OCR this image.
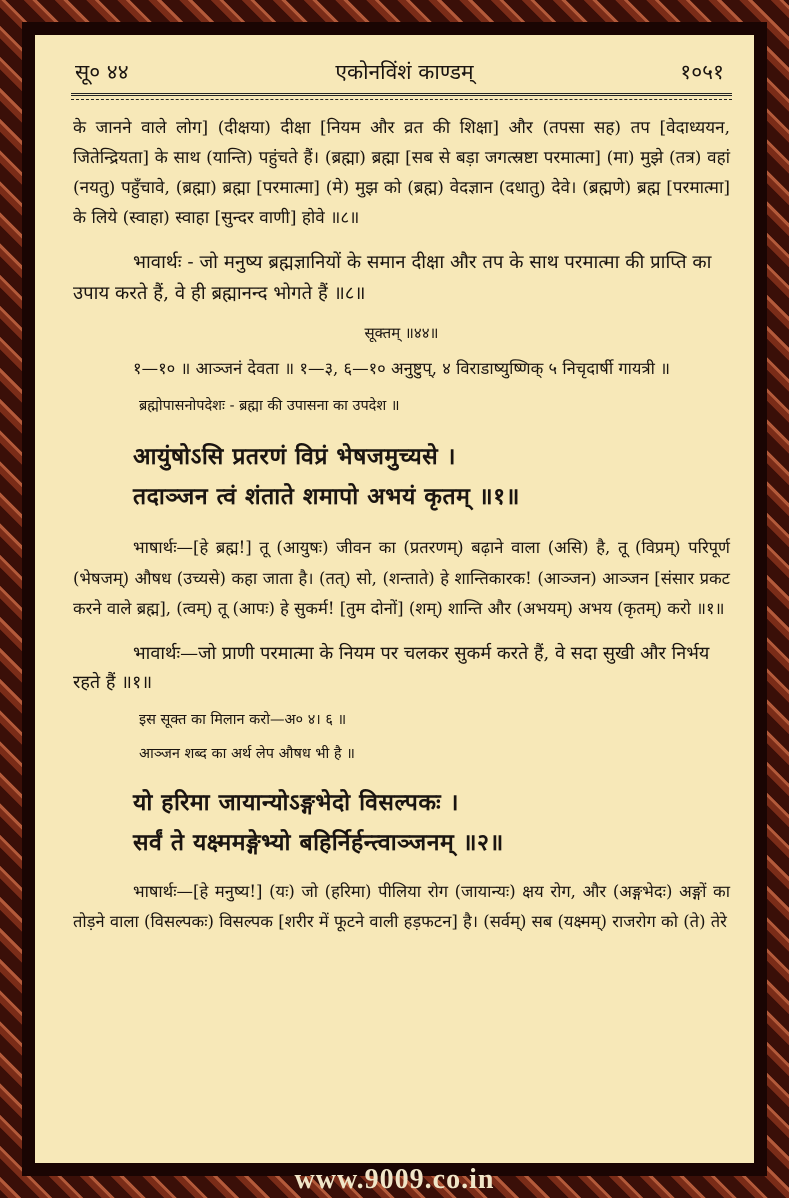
सू० ४४	एकोनविंशं काण्डम्	१०५१

के जानने वाले लोग] (दीक्षया) दीक्षा [नियम और व्रत की शिक्षा] और (तपसा सह) तप [वेदाध्ययन, जितेन्द्रियता] के साथ (यान्ति) पहुंचते हैं। (ब्रह्मा) ब्रह्मा [सब से बड़ा जगत्स्रष्टा परमात्मा] (मा) मुझे (तत्र) वहां (नयतु) पहुँचावे, (ब्रह्मा) ब्रह्मा [परमात्मा] (मे) मुझ को (ब्रह्म) वेदज्ञान (दधातु) देवे। (ब्रह्मणे) ब्रह्म [परमात्मा] के लिये (स्वाहा) स्वाहा [सुन्दर वाणी] होवे ॥८॥

भावार्थः - जो मनुष्य ब्रह्मज्ञानियों के समान दीक्षा और तप के साथ परमात्मा की प्राप्ति का उपाय करते हैं, वे ही ब्रह्मानन्द भोगते हैं ॥८॥

सूक्तम् ॥४४॥

१—१० ॥ आञ्जनं देवता ॥ १—३, ६—१० अनुष्टुप्, ४ विराडाष्युष्णिक् ५ निचृदार्षी गायत्री ॥

ब्रह्मोपासनोपदेशः - ब्रह्मा की उपासना का उपदेश ॥

आयुंषोऽसि प्रतरणं विप्रं भेषजमुच्यसे ।

तदाञ्जन त्वं शंताते शमापो अभयं कृतम् ॥१॥

भाषार्थः—[हे ब्रह्म!] तू (आयुषः) जीवन का (प्रतरणम्) बढ़ाने वाला (असि) है, तू (विप्रम्) परिपूर्ण (भेषजम्) औषध (उच्यसे) कहा जाता है। (तत्) सो, (शन्ताते) हे शान्तिकारक! (आञ्जन) आञ्जन [संसार प्रकट करने वाले ब्रह्म], (त्वम्) तू (आपः) हे सुकर्म! [तुम दोनों] (शम्) शान्ति और (अभयम्) अभय (कृतम्) करो ॥१॥

भावार्थः—जो प्राणी परमात्मा के नियम पर चलकर सुकर्म करते हैं, वे सदा सुखी और निर्भय रहते हैं ॥१॥

इस सूक्त का मिलान करो—अ० ४। ६ ॥

आञ्जन शब्द का अर्थ लेप औषध भी है ॥

यो हरिमा जायान्योऽङ्गभेदो विसल्पकः ।

सर्वं ते यक्ष्ममङ्गेभ्यो बहिर्निर्हन्त्वाञ्जनम् ॥२॥

भाषार्थः—[हे मनुष्य!] (यः) जो (हरिमा) पीलिया रोग (जायान्यः) क्षय रोग, और (अङ्गभेदः) अङ्गों का तोड़ने वाला (विसल्पकः) विसल्पक [शरीर में फूटने वाली हड़फटन] है। (सर्वम्) सब (यक्ष्मम्) राजरोग को (ते) तेरे

www.9009.co.in
